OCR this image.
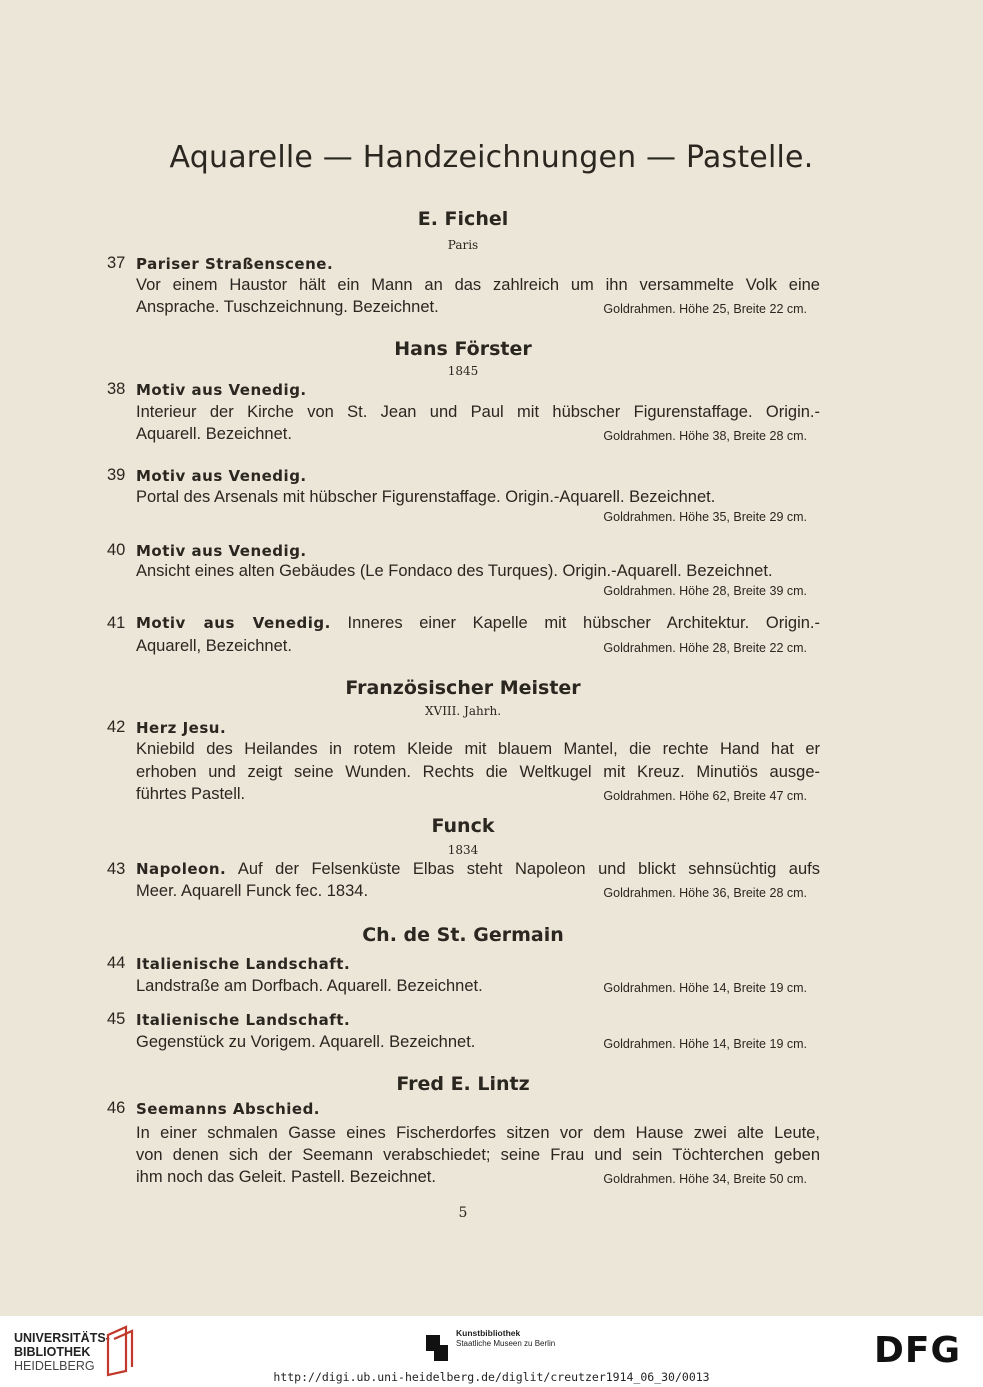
Aquarelle — Handzeichnungen — Pastelle.
E. Fichel
Paris
37 Pariser Straßenscene.
Vor einem Haustor hält ein Mann an das zahlreich um ihn versammelte Volk eine
Ansprache. Tuschzeichnung. Bezeichnet.	Goldrahmen. Höhe 25, Breite 22 cm.
Hans Förster
1845
38 Motiv aus Venedig.
Interieur der Kirche von St. Jean und Paul mit hübscher Figurenstaffage. Origin.-
Aquarell. Bezeichnet.	Goldrahmen. Höhe 38, Breite 28 cm.
39 Motiv aus Venedig.
Portal des Arsenals mit hübscher Figurenstaffage. Origin.-Aquarell. Bezeichnet.
Goldrahmen. Höhe 35, Breite 29 cm.
40 Motiv aus Venedig.
Ansicht eines alten Gebäudes (Le Fondaco des Turques). Origin.-Aquarell. Bezeichnet.
Goldrahmen. Höhe 28, Breite 39 cm.
41 Motiv aus Venedig. Inneres einer Kapelle mit hübscher Architektur. Origin.-
Aquarell, Bezeichnet.	Goldrahmen. Höhe 28, Breite 22 cm.
Französischer Meister
XVIII. Jahrh.
42 Herz Jesu.
Kniebild des Heilandes in rotem Kleide mit blauem Mantel, die rechte Hand hat er
erhoben und zeigt seine Wunden. Rechts die Weltkugel mit Kreuz. Minutiös ausge-
führtes Pastell.	Goldrahmen. Höhe 62, Breite 47 cm.
Funck
1834
43 Napoleon. Auf der Felsenküste Elbas steht Napoleon und blickt sehnsüchtig aufs
Meer. Aquarell Funck fec. 1834.	Goldrahmen. Höhe 36, Breite 28 cm.
Ch. de St. Germain
44 Italienische Landschaft.
Landstraße am Dorfbach. Aquarell. Bezeichnet.	Goldrahmen. Höhe 14, Breite 19 cm.
45 Italienische Landschaft.
Gegenstück zu Vorigem. Aquarell. Bezeichnet.	Goldrahmen. Höhe 14, Breite 19 cm.
Fred E. Lintz
46 Seemanns Abschied.
In einer schmalen Gasse eines Fischerdorfes sitzen vor dem Hause zwei alte Leute,
von denen sich der Seemann verabschiedet; seine Frau und sein Töchterchen geben
ihm noch das Geleit. Pastell. Bezeichnet.	Goldrahmen. Höhe 34, Breite 50 cm.
5
UNIVERSITÄTS-
BIBLIOTHEK
HEIDELBERG
Kunstbibliothek
Staatliche Museen zu Berlin	DFG
http://digi.ub.uni-heidelberg.de/diglit/creutzer1914_06_30/0013
